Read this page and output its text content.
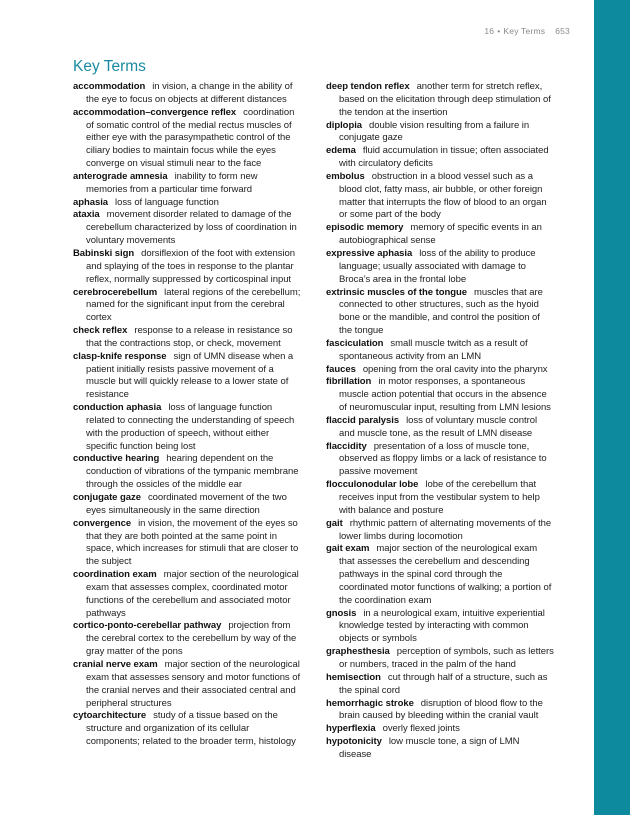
16 • Key Terms 653
Key Terms

accommodation in vision, a change in the ability of the eye to focus on objects at different distances

accommodation–convergence reflex coordination of somatic control of the medial rectus muscles of either eye with the parasympathetic control of the ciliary bodies to maintain focus while the eyes converge on visual stimuli near to the face

anterograde amnesia inability to form new memories from a particular time forward

aphasia loss of language function

ataxia movement disorder related to damage of the cerebellum characterized by loss of coordination in voluntary movements

Babinski sign dorsiflexion of the foot with extension and splaying of the toes in response to the plantar reflex, normally suppressed by corticospinal input

cerebrocerebellum lateral regions of the cerebellum; named for the significant input from the cerebral cortex

check reflex response to a release in resistance so that the contractions stop, or check, movement

clasp-knife response sign of UMN disease when a patient initially resists passive movement of a muscle but will quickly release to a lower state of resistance

conduction aphasia loss of language function related to connecting the understanding of speech with the production of speech, without either specific function being lost

conductive hearing hearing dependent on the conduction of vibrations of the tympanic membrane through the ossicles of the middle ear

conjugate gaze coordinated movement of the two eyes simultaneously in the same direction

convergence in vision, the movement of the eyes so that they are both pointed at the same point in space, which increases for stimuli that are closer to the subject

coordination exam major section of the neurological exam that assesses complex, coordinated motor functions of the cerebellum and associated motor pathways

cortico-ponto-cerebellar pathway projection from the cerebral cortex to the cerebellum by way of the gray matter of the pons

cranial nerve exam major section of the neurological exam that assesses sensory and motor functions of the cranial nerves and their associated central and peripheral structures

cytoarchitecture study of a tissue based on the structure and organization of its cellular components; related to the broader term, histology

deep tendon reflex another term for stretch reflex, based on the elicitation through deep stimulation of the tendon at the insertion

diplopia double vision resulting from a failure in conjugate gaze

edema fluid accumulation in tissue; often associated with circulatory deficits

embolus obstruction in a blood vessel such as a blood clot, fatty mass, air bubble, or other foreign matter that interrupts the flow of blood to an organ or some part of the body

episodic memory memory of specific events in an autobiographical sense

expressive aphasia loss of the ability to produce language; usually associated with damage to Broca’s area in the frontal lobe

extrinsic muscles of the tongue muscles that are connected to other structures, such as the hyoid bone or the mandible, and control the position of the tongue

fasciculation small muscle twitch as a result of spontaneous activity from an LMN

fauces opening from the oral cavity into the pharynx

fibrillation in motor responses, a spontaneous muscle action potential that occurs in the absence of neuromuscular input, resulting from LMN lesions

flaccid paralysis loss of voluntary muscle control and muscle tone, as the result of LMN disease

flaccidity presentation of a loss of muscle tone, observed as floppy limbs or a lack of resistance to passive movement

flocculonodular lobe lobe of the cerebellum that receives input from the vestibular system to help with balance and posture

gait rhythmic pattern of alternating movements of the lower limbs during locomotion

gait exam major section of the neurological exam that assesses the cerebellum and descending pathways in the spinal cord through the coordinated motor functions of walking; a portion of the coordination exam

gnosis in a neurological exam, intuitive experiential knowledge tested by interacting with common objects or symbols

graphesthesia perception of symbols, such as letters or numbers, traced in the palm of the hand

hemisection cut through half of a structure, such as the spinal cord

hemorrhagic stroke disruption of blood flow to the brain caused by bleeding within the cranial vault

hyperflexia overly flexed joints

hypotonicity low muscle tone, a sign of LMN disease
